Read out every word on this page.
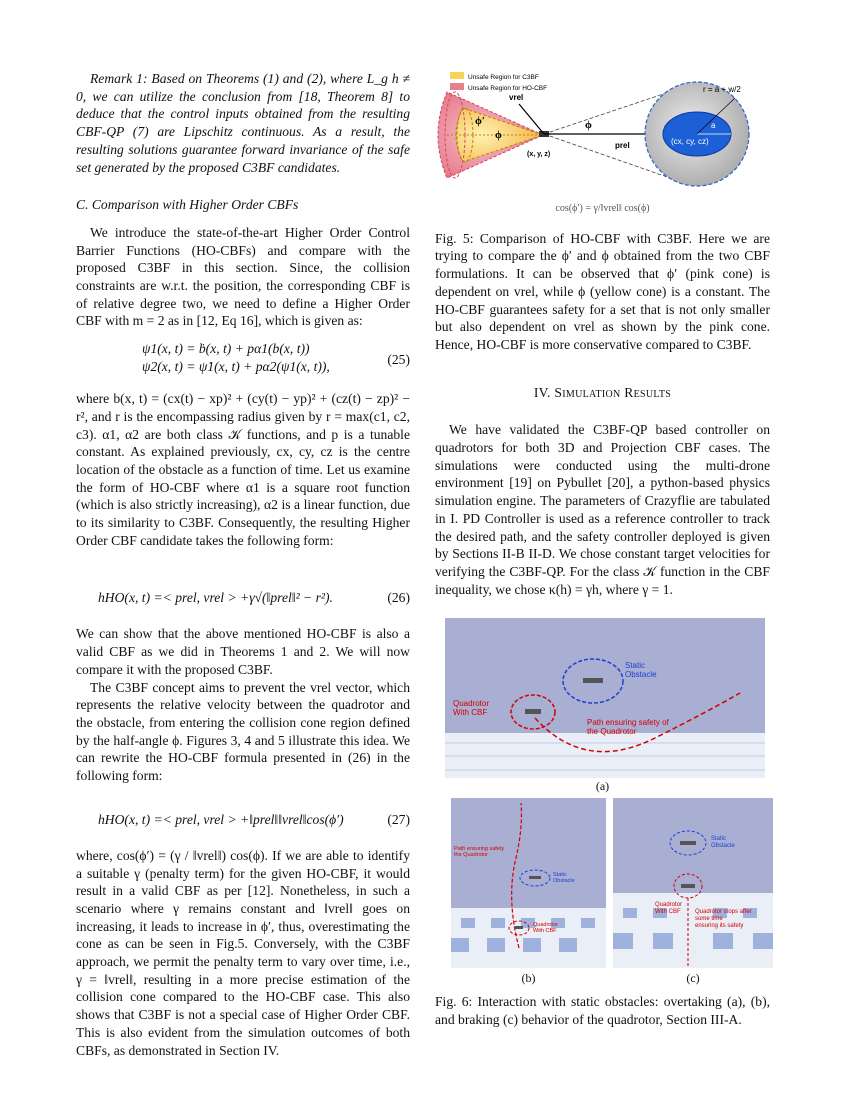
Remark 1: Based on Theorems (1) and (2), where L_g h ≠ 0, we can utilize the conclusion from [18, Theorem 8] to deduce that the control inputs obtained from the resulting CBF-QP (7) are Lipschitz continuous. As a result, the resulting solutions guarantee forward invariance of the safe set generated by the proposed C3BF candidates.

C. Comparison with Higher Order CBFs

We introduce the state-of-the-art Higher Order Control Barrier Functions (HO-CBFs) and compare with the proposed C3BF in this section. Since, the collision constraints are w.r.t. the position, the corresponding CBF is of relative degree two, we need to define a Higher Order CBF with m = 2 as in [12, Eq 16], which is given as:

ψ1(x, t) = ḃ(x, t) + pα1(b(x, t))
ψ2(x, t) = ψ̇1(x, t) + pα2(ψ1(x, t)),	(25)

where b(x, t) = (cx(t) − xp)² + (cy(t) − yp)² + (cz(t) − zp)² − r², and r is the encompassing radius given by r = max(c1, c2, c3). α1, α2 are both class 𝒦 functions, and p is a tunable constant. As explained previously, cx, cy, cz is the centre location of the obstacle as a function of time. Let us examine the form of HO-CBF where α1 is a square root function (which is also strictly increasing), α2 is a linear function, due to its similarity to C3BF. Consequently, the resulting Higher Order CBF candidate takes the following form:

hHO(x, t) =< prel, vrel > +γ√(‖prel‖² − r²).	(26)

We can show that the above mentioned HO-CBF is also a valid CBF as we did in Theorems 1 and 2. We will now compare it with the proposed C3BF.

The C3BF concept aims to prevent the vrel vector, which represents the relative velocity between the quadrotor and the obstacle, from entering the collision cone region defined by the half-angle ϕ. Figures 3, 4 and 5 illustrate this idea. We can rewrite the HO-CBF formula presented in (26) in the following form:

hHO(x, t) =< prel, vrel > +‖prel‖‖vrel‖cos(ϕ′)	(27)

where, cos(ϕ′) = (γ / ‖vrel‖) cos(ϕ). If we are able to identify a suitable γ (penalty term) for the given HO-CBF, it would result in a valid CBF as per [12]. Nonetheless, in such a scenario where γ remains constant and ‖vrel‖ goes on increasing, it leads to increase in ϕ′, thus, overestimating the cone as can be seen in Fig.5. Conversely, with the C3BF approach, we permit the penalty term to vary over time, i.e., γ = ‖vrel‖, resulting in a more precise estimation of the collision cone compared to the HO-CBF case. This also shows that C3BF is not a special case of Higher Order CBF. This is also evident from the simulation outcomes of both CBFs, as demonstrated in Section IV.

Unsafe Region for C3BF
Unsafe Region for HO-CBF
ϕ′
ϕ
(x, y, z)
vrel
prel
ϕ	a
(cx, cy, cz)
r = a + w/2
cos(ϕ′) = γ/‖vrel‖ cos(ϕ)

Fig. 5: Comparison of HO-CBF with C3BF. Here we are trying to compare the ϕ′ and ϕ obtained from the two CBF formulations. It can be observed that ϕ′ (pink cone) is dependent on vrel, while ϕ (yellow cone) is a constant. The HO-CBF guarantees safety for a set that is not only smaller but also dependent on vrel as shown by the pink cone. Hence, HO-CBF is more conservative compared to C3BF.

IV. Simulation Results

We have validated the C3BF-QP based controller on quadrotors for both 3D and Projection CBF cases. The simulations were conducted using the multi-drone environment [19] on Pybullet [20], a python-based physics simulation engine. The parameters of Crazyflie are tabulated in I. PD Controller is used as a reference controller to track the desired path, and the safety controller deployed is given by Sections II-B II-D. We chose constant target velocities for verifying the C3BF-QP. For the class 𝒦 function in the CBF inequality, we chose κ(h) = γh, where γ = 1.

Static
Obstacle
Quadrotor
With CBF
Path ensuring safety of
the Quadrotor
(a)
Path ensuring safety
the Quadrotor
Static
Obstacle
Quadrotor
With CBF
Static
Obstacle
Quadrotor
With CBF Quadrotor stops after
some time
ensuring its safety
(b)	(c)

Fig. 6: Interaction with static obstacles: overtaking (a), (b), and braking (c) behavior of the quadrotor, Section III-A.
